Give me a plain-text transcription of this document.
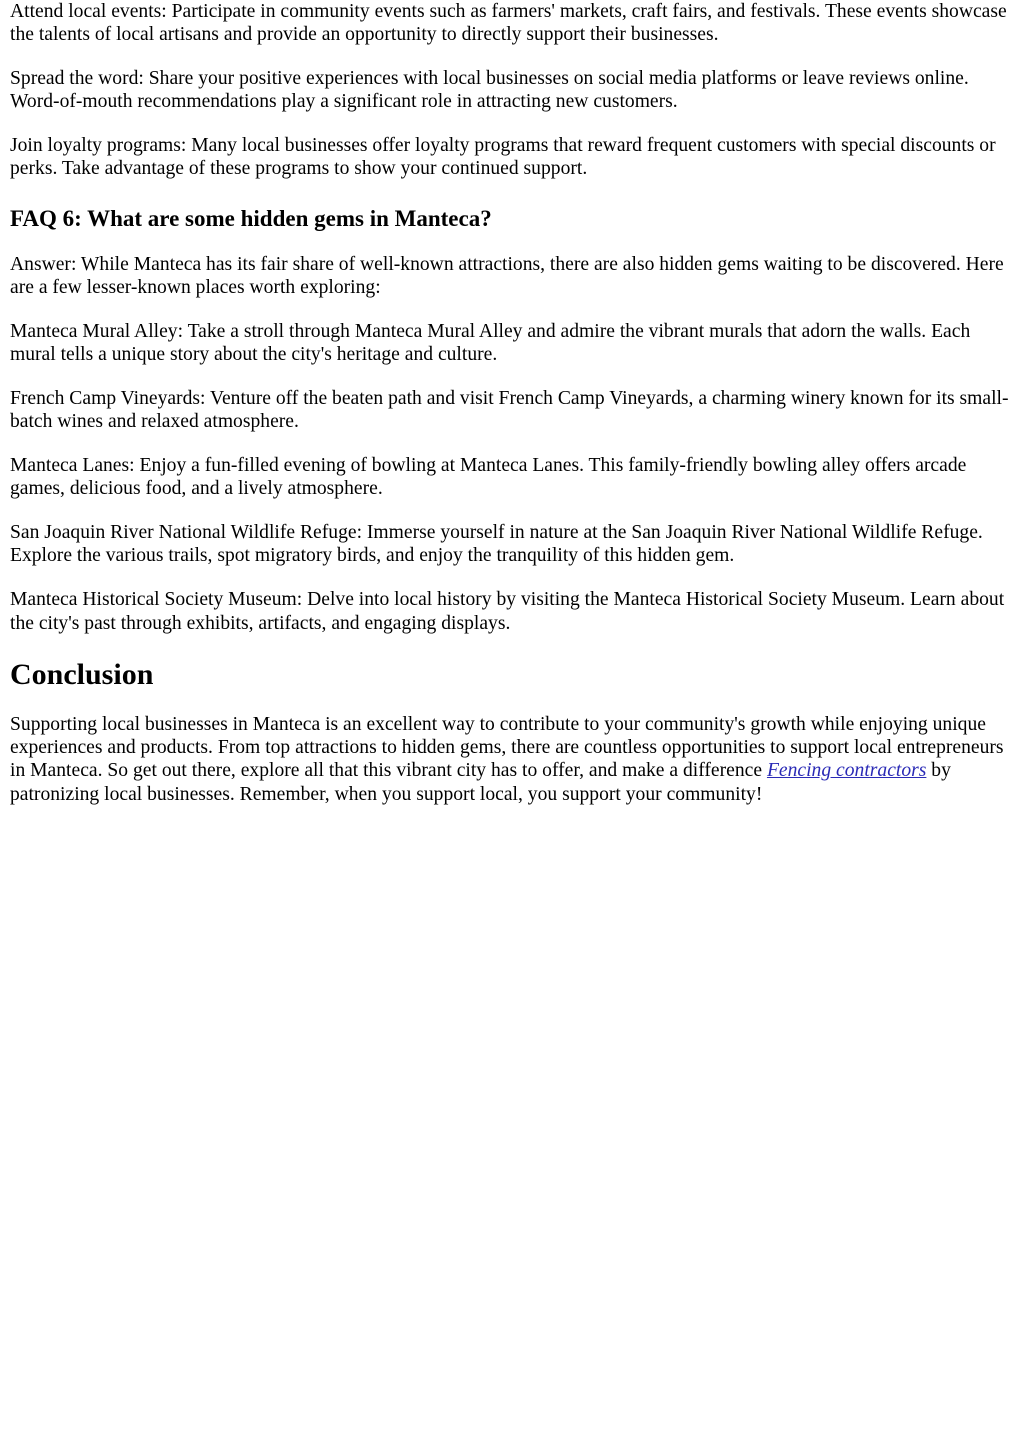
Attend local events: Participate in community events such as farmers' markets, craft fairs, and festivals. These events showcase the talents of local artisans and provide an opportunity to directly support their businesses.

Spread the word: Share your positive experiences with local businesses on social media platforms or leave reviews online. Word-of-mouth recommendations play a significant role in attracting new customers.

Join loyalty programs: Many local businesses offer loyalty programs that reward frequent customers with special discounts or perks. Take advantage of these programs to show your continued support.

FAQ 6: What are some hidden gems in Manteca?

Answer: While Manteca has its fair share of well-known attractions, there are also hidden gems waiting to be discovered. Here are a few lesser-known places worth exploring:

Manteca Mural Alley: Take a stroll through Manteca Mural Alley and admire the vibrant murals that adorn the walls. Each mural tells a unique story about the city's heritage and culture.

French Camp Vineyards: Venture off the beaten path and visit French Camp Vineyards, a charming winery known for its small-batch wines and relaxed atmosphere.

Manteca Lanes: Enjoy a fun-filled evening of bowling at Manteca Lanes. This family-friendly bowling alley offers arcade games, delicious food, and a lively atmosphere.

San Joaquin River National Wildlife Refuge: Immerse yourself in nature at the San Joaquin River National Wildlife Refuge. Explore the various trails, spot migratory birds, and enjoy the tranquility of this hidden gem.

Manteca Historical Society Museum: Delve into local history by visiting the Manteca Historical Society Museum. Learn about the city's past through exhibits, artifacts, and engaging displays.

Conclusion

Supporting local businesses in Manteca is an excellent way to contribute to your community's growth while enjoying unique experiences and products. From top attractions to hidden gems, there are countless opportunities to support local entrepreneurs in Manteca. So get out there, explore all that this vibrant city has to offer, and make a difference Fencing contractors by patronizing local businesses. Remember, when you support local, you support your community!
